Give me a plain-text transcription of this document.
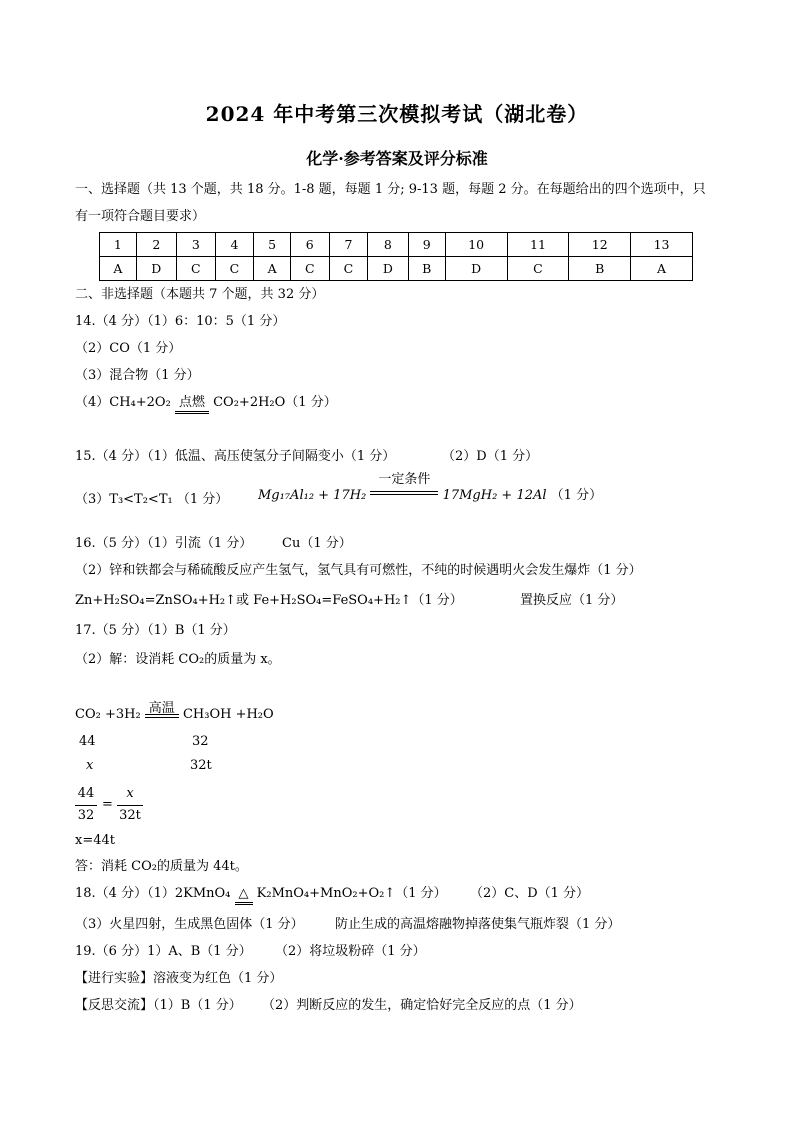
2024 年中考第三次模拟考试（湖北卷）
化学·参考答案及评分标准
一、选择题（共 13 个题，共 18 分。1-8 题，每题 1 分; 9-13 题，每题 2 分。在每题给出的四个选项中，只
有一项符合题目要求）
1	2	3	4	5	6	7	8	9	10	11	12	13
A	D	C	C	A	C	C	D	B	D	C	B	A
二、非选择题（本题共 7 个题，共 32 分）
14.（4 分）（1）6：10：5（1 分）
（2）CO（1 分）
（3）混合物（1 分）
（4）CH₄+2O₂ 点燃 CO₂+2H₂O（1 分）
15.（4 分）（1）低温、高压使氢分子间隔变小（1 分）	（2）D（1 分）
（3）T₃<T₂<T₁ （1 分） Mg₁₇Al₁₂ + 17H₂
一定条件
17MgH₂ + 12Al （1 分）
16.（5 分）（1）引流（1 分） Cu（1 分）
（2）锌和铁都会与稀硫酸反应产生氢气，氢气具有可燃性，不纯的时候遇明火会发生爆炸（1 分）
Zn+H₂SO₄=ZnSO₄+H₂↑或 Fe+H₂SO₄=FeSO₄+H₂↑（1 分）	置换反应（1 分）
17.（5 分）（1）B（1 分）
（2）解：设消耗 CO₂的质量为 x。
CO₂ +3H₂ 高温 CH₃OH +H₂O
44	32
x	32t
44
32
=
x
32t
x=44t
答：消耗 CO₂的质量为 44t。
18.（4 分）（1）2KMnO₄ △ K₂MnO₄+MnO₂+O₂↑（1 分） （2）C、D（1 分）
（3）火星四射，生成黑色固体（1 分） 防止生成的高温熔融物掉落使集气瓶炸裂（1 分）
19.（6 分）1）A、B（1 分） （2）将垃圾粉碎（1 分）
【进行实验】溶液变为红色（1 分）
【反思交流】（1）B（1 分） （2）判断反应的发生，确定恰好完全反应的点（1 分）
